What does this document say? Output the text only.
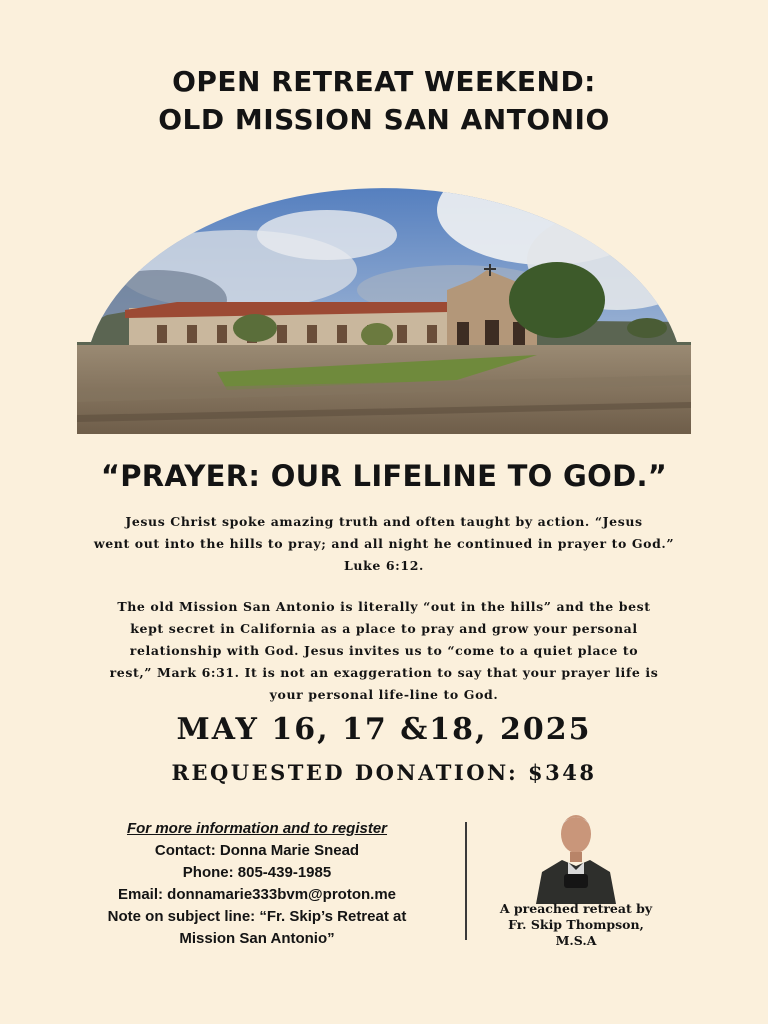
OPEN RETREAT WEEKEND:
OLD MISSION SAN ANTONIO
“PRAYER: OUR LIFELINE TO GOD.”
Jesus Christ spoke amazing truth and often taught by action. “Jesus
went out into the hills to pray; and all night he continued in prayer to God.”
Luke 6:12.
The old Mission San Antonio is literally “out in the hills” and the best
kept secret in California as a place to pray and grow your personal
relationship with God. Jesus invites us to “come to a quiet place to
rest,” Mark 6:31. It is not an exaggeration to say that your prayer life is
your personal life-line to God.
MAY 16, 17 &18, 2025
REQUESTED DONATION: $348
For more information and to register
Contact: Donna Marie Snead
Phone: 805-439-1985
Email: donnamarie333bvm@proton.me
Note on subject line: “Fr. Skip’s Retreat at
Mission San Antonio”
A preached retreat by
Fr. Skip Thompson,
M.S.A
